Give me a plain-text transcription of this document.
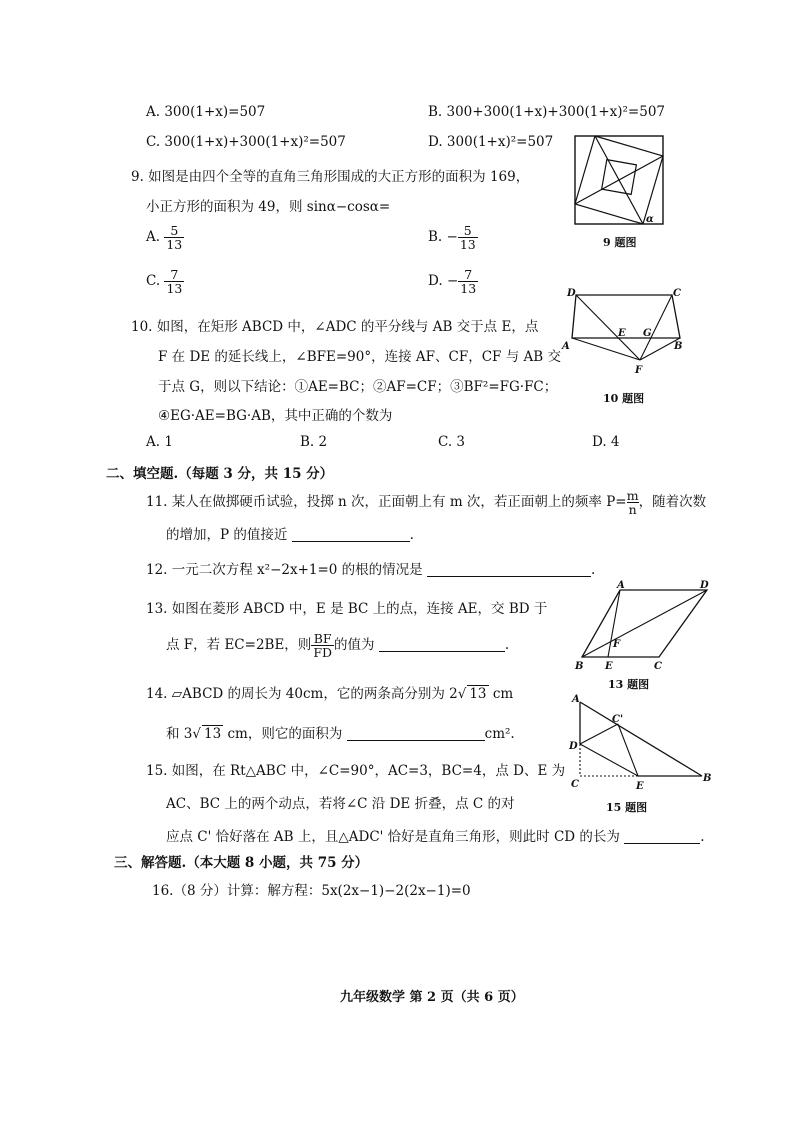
A. 300(1+x)=507	B. 300+300(1+x)+300(1+x)²=507
C. 300(1+x)+300(1+x)²=507	D. 300(1+x)²=507
9. 如图是由四个全等的直角三角形围成的大正方形的面积为 169，
小正方形的面积为 49，则 sinα−cosα=
A. $\frac{5}{13}$	B. − $\frac{5}{13}$
C. $\frac{7}{13}$	D. − $\frac{7}{13}$
α
9 题图
10. 如图，在矩形 ABCD 中，∠ADC 的平分线与 AB 交于点 E，点
F 在 DE 的延长线上，∠BFE=90°，连接 AF、CF，CF 与 AB 交
于点 G，则以下结论：①AE=BC；②AF=CF；③BF²=FG·FC；
④EG·AE=BG·AB，其中正确的个数为
A. 1	B. 2	C. 3	D. 4
D	C
A	B
E G
F
10 题图
二、填空题.（每题 3 分，共 15 分）
11. 某人在做掷硬币试验，投掷 n 次，正面朝上有 m 次，若正面朝上的频率 $P= \frac{m}{n}$ ，随着次数
的增加，P 的值接近	.
12. 一元二次方程 x²−2x+1=0 的根的情况是	.
13. 如图在菱形 ABCD 中，E 是 BC 上的点，连接 AE，交 BD 于
点 F，若 EC=2BE，则 $\frac{BF}{FD}$ 的值为	.
A	D
B E	C
F
13 题图
14. ▱ABCD 的周长为 40cm，它的两条高分别为 2√ 13 cm
和 3√ 13 cm，则它的面积为	cm².
15. 如图，在 Rt△ABC 中，∠C=90°，AC=3，BC=4，点 D、E 为
AC、BC 上的两个动点，若将∠C 沿 DE 折叠，点 C 的对
应点 C' 恰好落在 AB 上，且△ADC' 恰好是直角三角形，则此时 CD 的长为	.
A
C'
D
C	E
B
15 题图
三、解答题.（本大题 8 小题，共 75 分）
16.（8 分）计算：解方程：5x(2x−1)−2(2x−1)=0
九年级数学 第 2 页（共 6 页）
